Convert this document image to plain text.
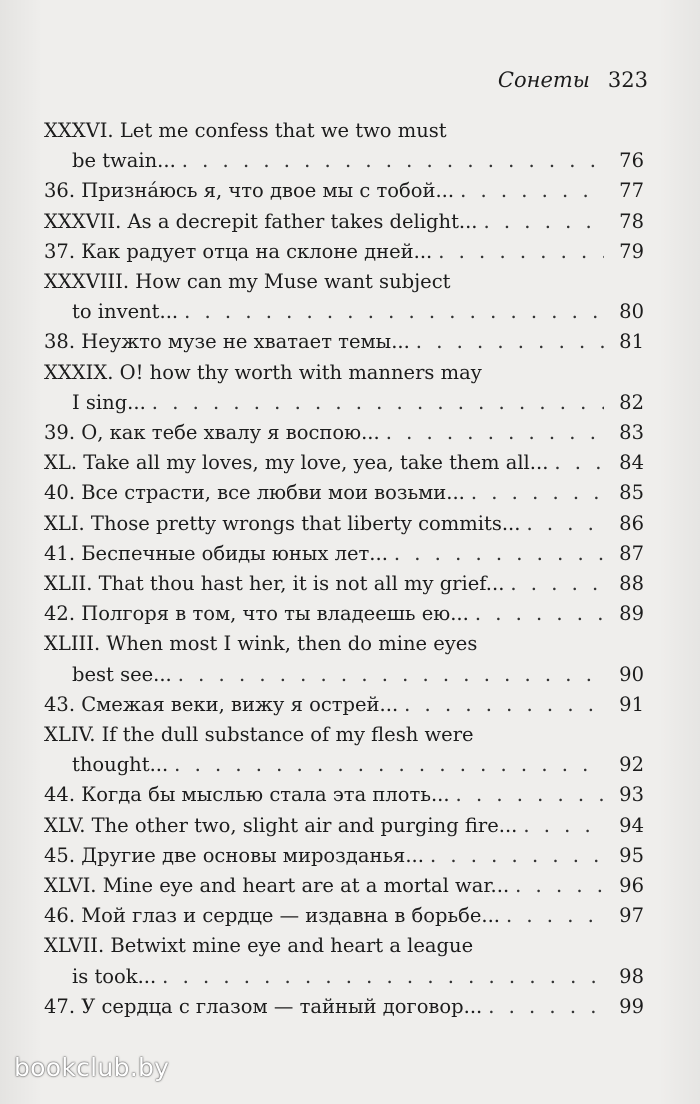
Сонеты 323
XXXVI. Let me confess that we two must
be twain... . . .	76
36. Признáюсь я, что двое мы с тобой... . . .	77
XXXVII. As a decrepit father takes delight... . . .	78
37. Как радует отца на склоне дней... . . .	79
XXXVIII. How can my Muse want subject
to invent... . . .	80
38. Неужто музе не хватает темы... . . .	81
XXXIX. O! how thy worth with manners may
I sing... . . .	82
39. О, как тебе хвалу я воспою... . . .	83
XL. Take all my loves, my love, yea, take them all... . . .	84
40. Все страсти, все любви мои возьми... . . .	85
XLI. Those pretty wrongs that liberty commits... . . .	86
41. Беспечные обиды юных лет... . . .	87
XLII. That thou hast her, it is not all my grief... . . .	88
42. Полгоря в том, что ты владеешь ею... . . .	89
XLIII. When most I wink, then do mine eyes
best see... . . .	90
43. Смежая веки, вижу я острей... . . .	91
XLIV. If the dull substance of my flesh were
thought... . . .	92
44. Когда бы мыслью стала эта плоть... . . .	93
XLV. The other two, slight air and purging fire... . . .	94
45. Другие две основы мирозданья... . . .	95
XLVI. Mine eye and heart are at a mortal war... . . .	96
46. Мой глаз и сердце — издавна в борьбе... . . .	97
XLVII. Betwixt mine eye and heart a league
is took... . . .	98
47. У сердца с глазом — тайный договор... . . .	99
bookclub.by
